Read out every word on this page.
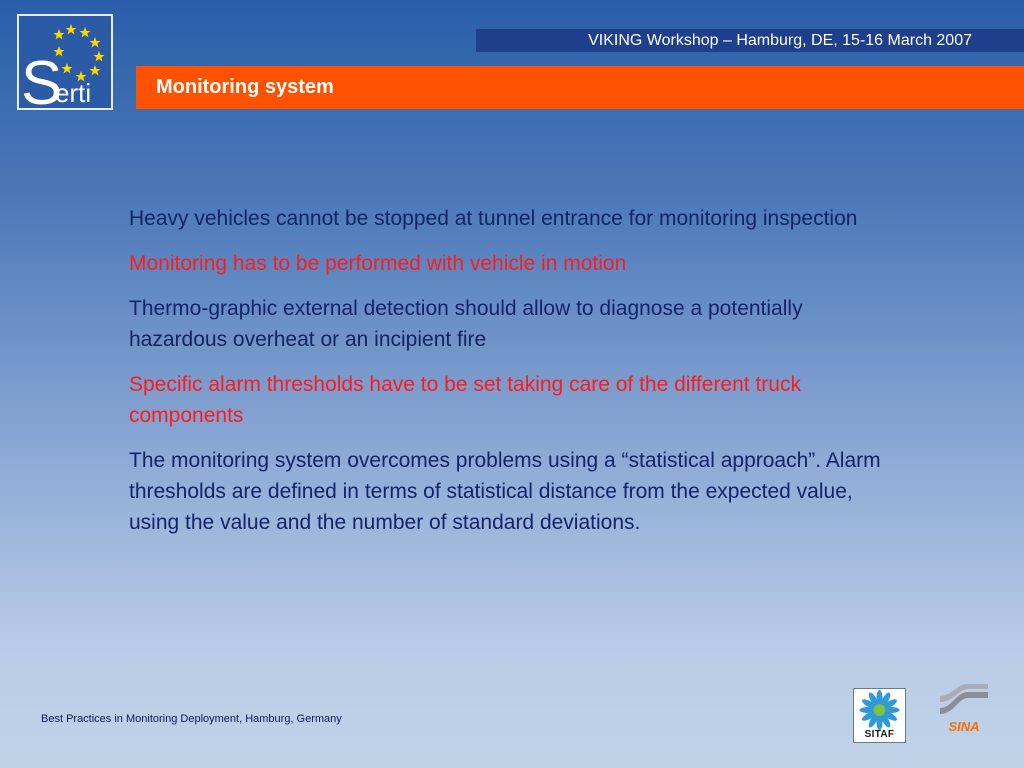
S
erti
VIKING Workshop – Hamburg, DE, 15-16 March 2007
Monitoring system

Heavy vehicles cannot be stopped at tunnel entrance for monitoring inspection

Monitoring has to be performed with vehicle in motion

Thermo-graphic external detection should allow to diagnose a potentially hazardous overheat or an incipient fire

Specific alarm thresholds have to be set taking care of the different truck components

The monitoring system overcomes problems using a “statistical approach”. Alarm thresholds are defined in terms of statistical distance from the expected value, using the value and the number of standard deviations.

Best Practices in Monitoring Deployment, Hamburg, Germany
SITAF
SINA
